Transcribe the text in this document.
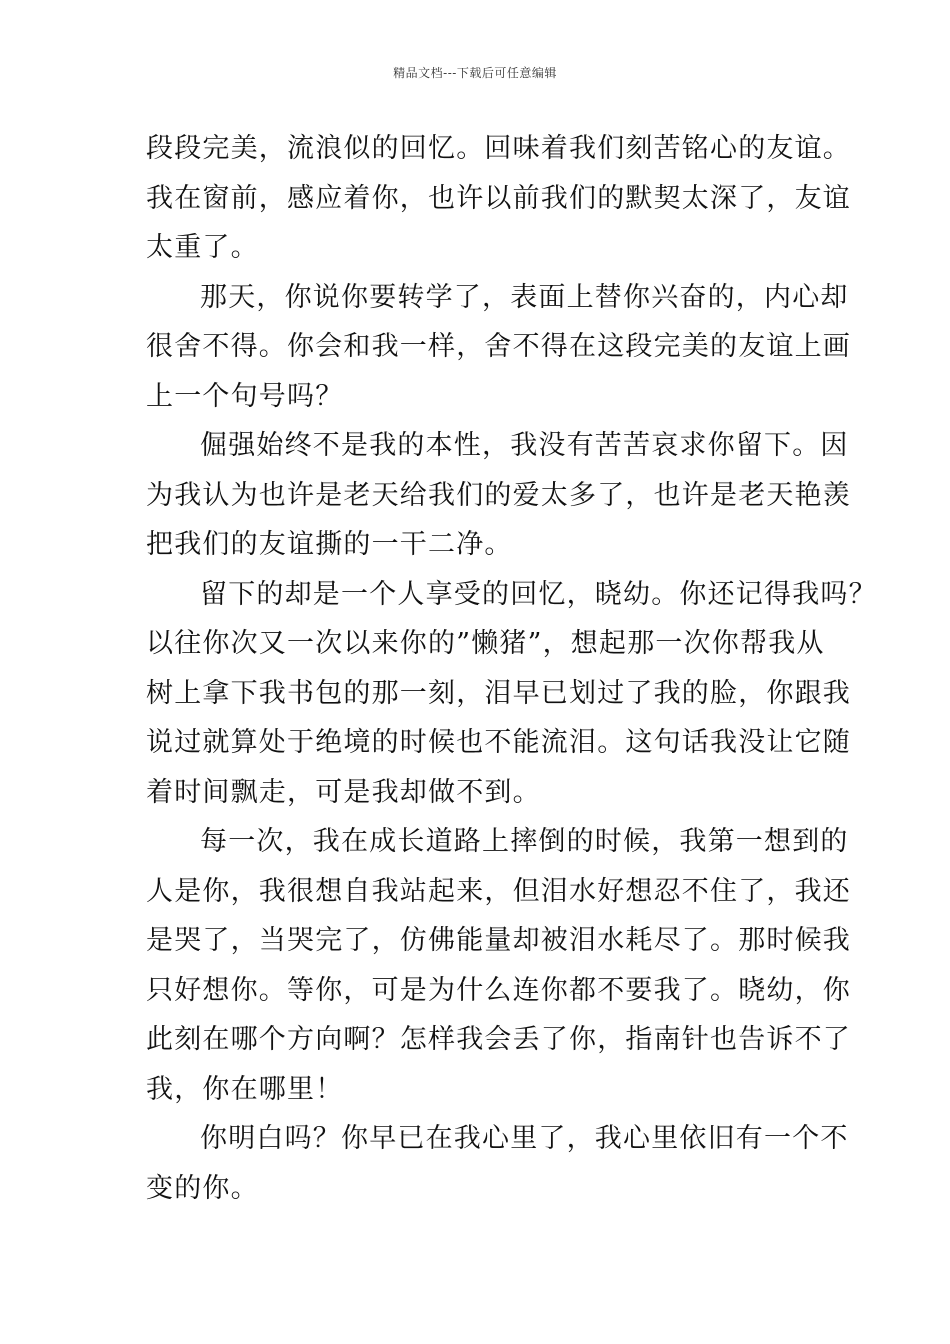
精品文档---下载后可任意编辑

段段完美，流浪似的回忆。回味着我们刻苦铭心的友谊。
我在窗前，感应着你，也许以前我们的默契太深了，友谊
太重了。

那天，你说你要转学了，表面上替你兴奋的，内心却
很舍不得。你会和我一样，舍不得在这段完美的友谊上画
上一个句号吗？

倔强始终不是我的本性，我没有苦苦哀求你留下。因
为我认为也许是老天给我们的爱太多了，也许是老天艳羡
把我们的友谊撕的一干二净。

留下的却是一个人享受的回忆，晓幼。你还记得我吗？
以往你次又一次以来你的”懒猪”，想起那一次你帮我从
树上拿下我书包的那一刻，泪早已划过了我的脸，你跟我
说过就算处于绝境的时候也不能流泪。这句话我没让它随
着时间飘走，可是我却做不到。

每一次，我在成长道路上摔倒的时候，我第一想到的
人是你，我很想自我站起来，但泪水好想忍不住了，我还
是哭了，当哭完了，仿佛能量却被泪水耗尽了。那时候我
只好想你。等你，可是为什么连你都不要我了。晓幼，你
此刻在哪个方向啊？怎样我会丢了你，指南针也告诉不了
我，你在哪里！

你明白吗？你早已在我心里了，我心里依旧有一个不
变的你。
